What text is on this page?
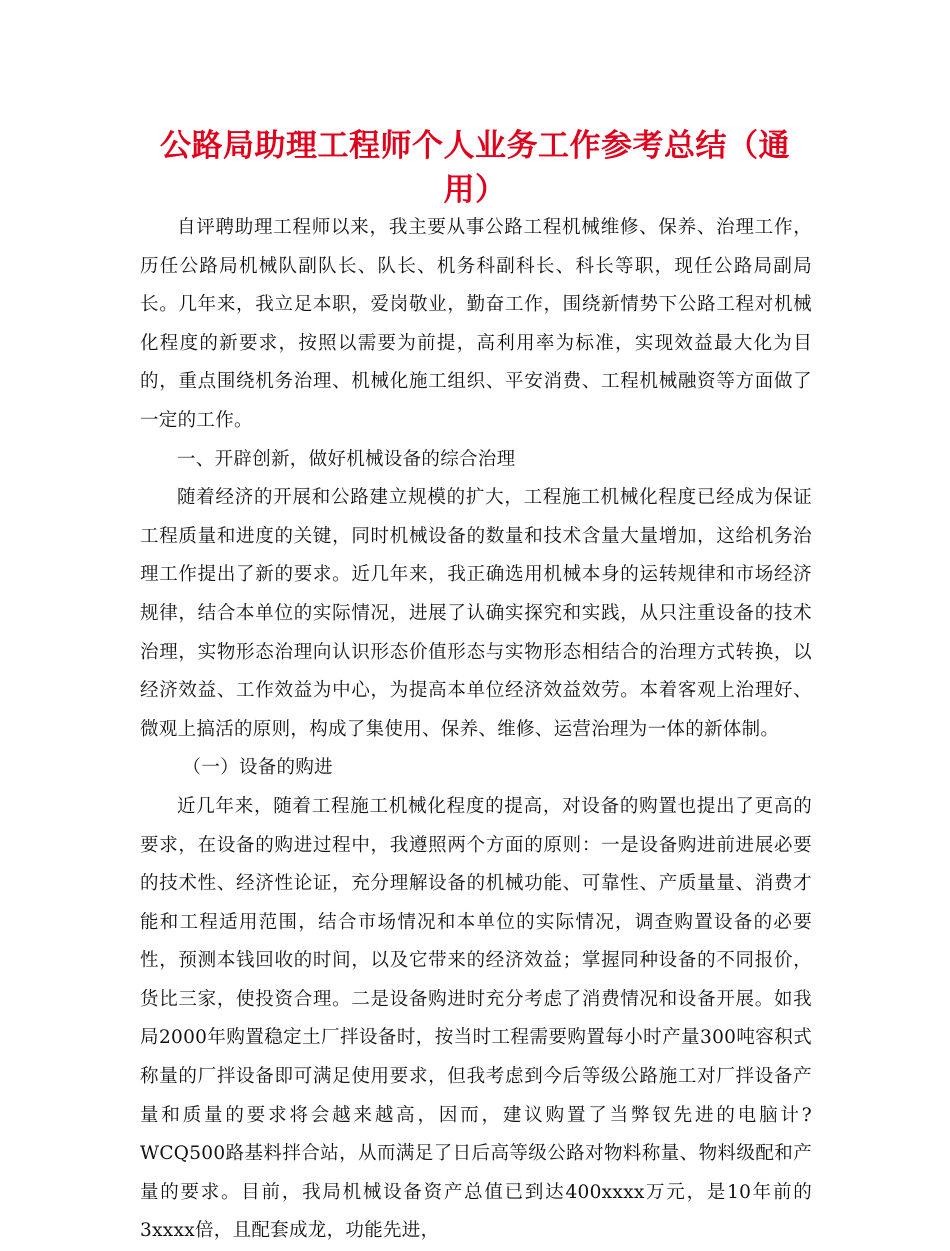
公路局助理工程师个人业务工作参考总结（通用）

自评聘助理工程师以来，我主要从事公路工程机械维修、保养、治理工作，历任公路局机械队副队长、队长、机务科副科长、科长等职，现任公路局副局长。几年来，我立足本职，爱岗敬业，勤奋工作，围绕新情势下公路工程对机械化程度的新要求，按照以需要为前提，高利用率为标准，实现效益最大化为目的，重点围绕机务治理、机械化施工组织、平安消费、工程机械融资等方面做了一定的工作。

一、开辟创新，做好机械设备的综合治理

随着经济的开展和公路建立规模的扩大，工程施工机械化程度已经成为保证工程质量和进度的关键，同时机械设备的数量和技术含量大量增加，这给机务治理工作提出了新的要求。近几年来，我正确选用机械本身的运转规律和市场经济规律，结合本单位的实际情况，进展了认确实探究和实践，从只注重设备的技术治理，实物形态治理向认识形态价值形态与实物形态相结合的治理方式转换，以经济效益、工作效益为中心，为提高本单位经济效益效劳。本着客观上治理好、微观上搞活的原则，构成了集使用、保养、维修、运营治理为一体的新体制。

（一）设备的购进

近几年来，随着工程施工机械化程度的提高，对设备的购置也提出了更高的要求，在设备的购进过程中，我遵照两个方面的原则：一是设备购进前进展必要的技术性、经济性论证，充分理解设备的机械功能、可靠性、产质量量、消费才能和工程适用范围，结合市场情况和本单位的实际情况，调查购置设备的必要性，预测本钱回收的时间，以及它带来的经济效益；掌握同种设备的不同报价，货比三家，使投资合理。二是设备购进时充分考虑了消费情况和设备开展。如我局2000年购置稳定土厂拌设备时，按当时工程需要购置每小时产量300吨容积式称量的厂拌设备即可满足使用要求，但我考虑到今后等级公路施工对厂拌设备产量和质量的要求将会越来越高，因而，建议购置了当弊钗先进的电脑计?WCQ500路基料拌合站，从而满足了日后高等级公路对物料称量、物料级配和产量的要求。目前，我局机械设备资产总值已到达400xxxx万元，是10年前的3xxxx倍，且配套成龙，功能先进，
